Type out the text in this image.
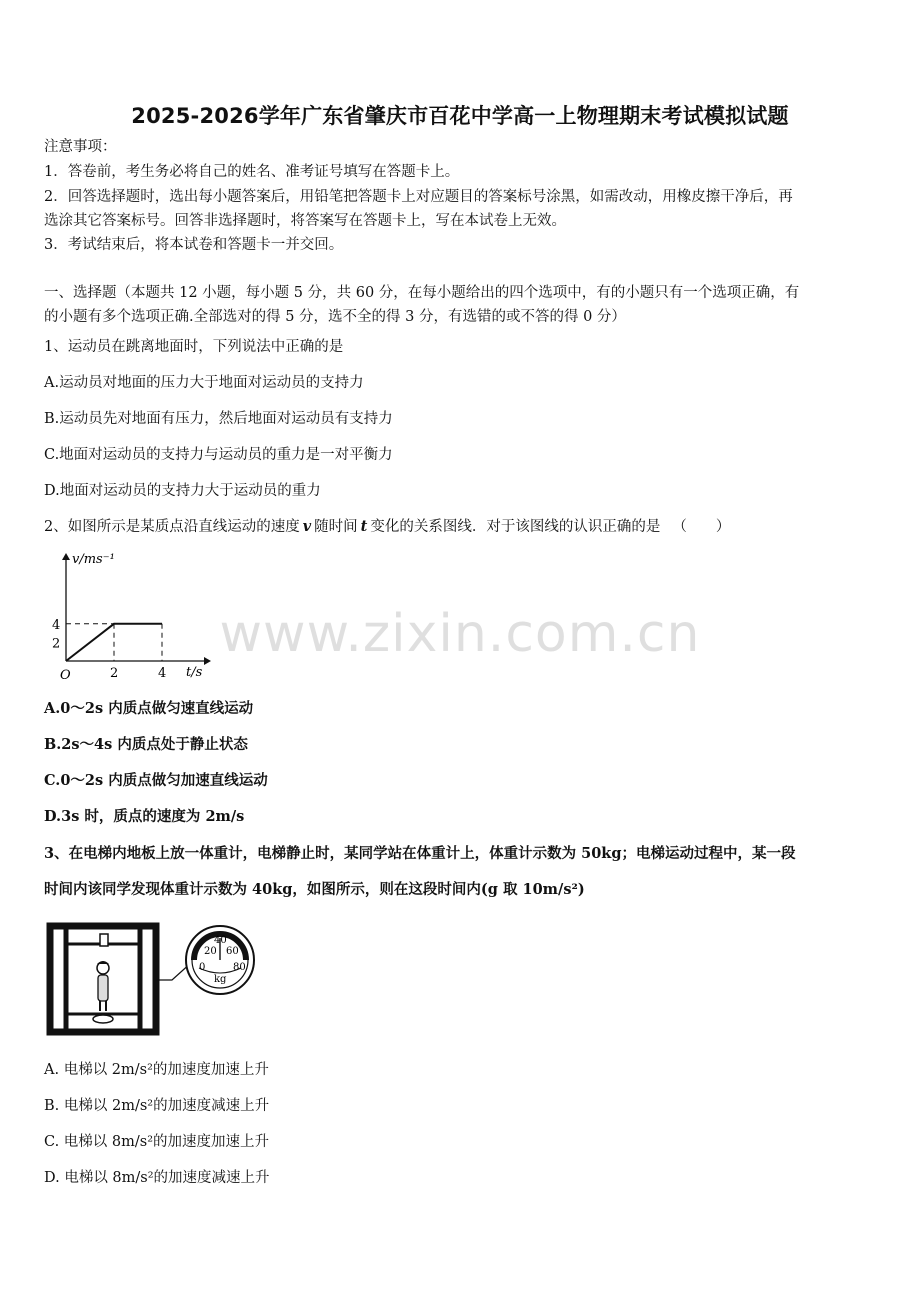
2025-2026学年广东省肇庆市百花中学高一上物理期末考试模拟试题
注意事项：
1．答卷前，考生务必将自己的姓名、准考证号填写在答题卡上。
2．回答选择题时，选出每小题答案后，用铅笔把答题卡上对应题目的答案标号涂黑，如需改动，用橡皮擦干净后，再
选涂其它答案标号。回答非选择题时，将答案写在答题卡上，写在本试卷上无效。
3．考试结束后，将本试卷和答题卡一并交回。
一、选择题（本题共 12 小题，每小题 5 分，共 60 分，在每小题给出的四个选项中，有的小题只有一个选项正确，有
的小题有多个选项正确.全部选对的得 5 分，选不全的得 3 分，有选错的或不答的得 0 分）
1、运动员在跳离地面时，下列说法中正确的是
A.运动员对地面的压力大于地面对运动员的支持力
B.运动员先对地面有压力，然后地面对运动员有支持力
C.地面对运动员的支持力与运动员的重力是一对平衡力
D.地面对运动员的支持力大于运动员的重力
2、如图所示是某质点沿直线运动的速度 v 随时间 t 变化的关系图线．对于该图线的认识正确的是 （　　）
2	4
2
4
v/ms⁻¹
t/s
O
A.0～2s 内质点做匀速直线运动
B.2s～4s 内质点处于静止状态
C.0～2s 内质点做匀加速直线运动
D.3s 时，质点的速度为 2m/s
www.zixin.com.cn
3、在电梯内地板上放一体重计，电梯静止时，某同学站在体重计上，体重计示数为 50kg；电梯运动过程中，某一段
时间内该同学发现体重计示数为 40kg，如图所示，则在这段时间内(g 取 10m/s²)
20
40
60
0	80
kg
A. 电梯以 2m/s²的加速度加速上升
B. 电梯以 2m/s²的加速度减速上升
C. 电梯以 8m/s²的加速度加速上升
D. 电梯以 8m/s²的加速度减速上升
